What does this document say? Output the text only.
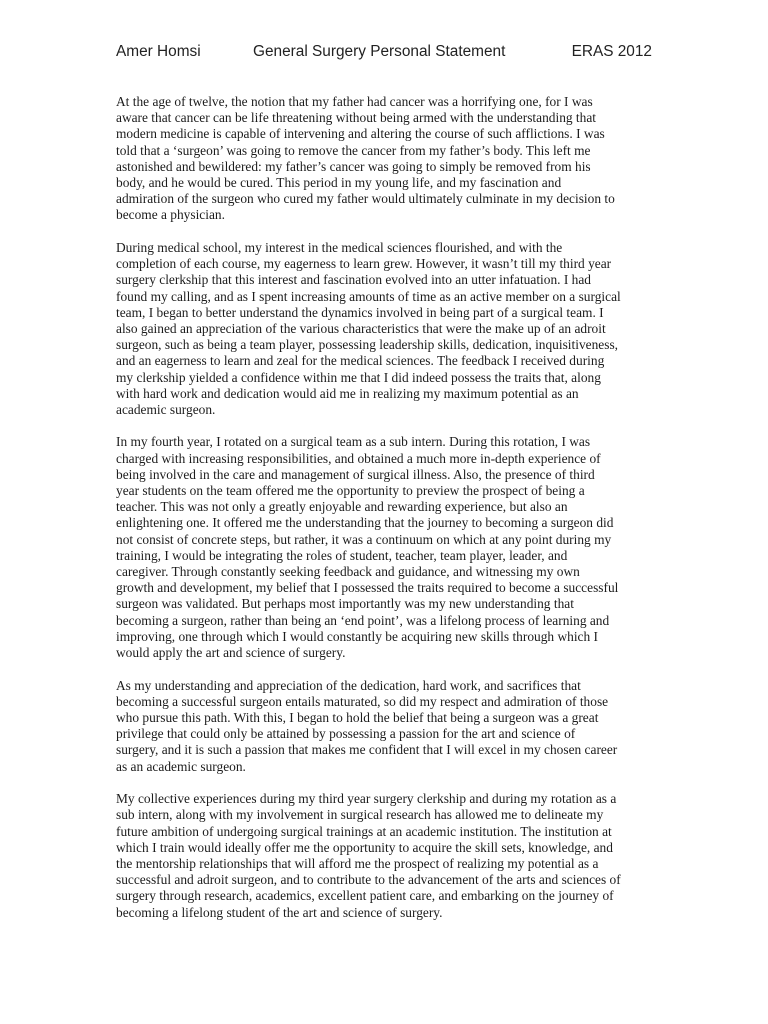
Amer Homsi	General Surgery Personal Statement	ERAS 2012

At the age of twelve, the notion that my father had cancer was a horrifying one, for I was
aware that cancer can be life threatening without being armed with the understanding that
modern medicine is capable of intervening and altering the course of such afflictions. I was
told that a ‘surgeon’ was going to remove the cancer from my father’s body. This left me
astonished and bewildered: my father’s cancer was going to simply be removed from his
body, and he would be cured. This period in my young life, and my fascination and
admiration of the surgeon who cured my father would ultimately culminate in my decision to
become a physician.

During medical school, my interest in the medical sciences flourished, and with the
completion of each course, my eagerness to learn grew. However, it wasn’t till my third year
surgery clerkship that this interest and fascination evolved into an utter infatuation. I had
found my calling, and as I spent increasing amounts of time as an active member on a surgical
team, I began to better understand the dynamics involved in being part of a surgical team. I
also gained an appreciation of the various characteristics that were the make up of an adroit
surgeon, such as being a team player, possessing leadership skills, dedication, inquisitiveness,
and an eagerness to learn and zeal for the medical sciences. The feedback I received during
my clerkship yielded a confidence within me that I did indeed possess the traits that, along
with hard work and dedication would aid me in realizing my maximum potential as an
academic surgeon.

In my fourth year, I rotated on a surgical team as a sub intern. During this rotation, I was
charged with increasing responsibilities, and obtained a much more in-depth experience of
being involved in the care and management of surgical illness. Also, the presence of third
year students on the team offered me the opportunity to preview the prospect of being a
teacher. This was not only a greatly enjoyable and rewarding experience, but also an
enlightening one. It offered me the understanding that the journey to becoming a surgeon did
not consist of concrete steps, but rather, it was a continuum on which at any point during my
training, I would be integrating the roles of student, teacher, team player, leader, and
caregiver. Through constantly seeking feedback and guidance, and witnessing my own
growth and development, my belief that I possessed the traits required to become a successful
surgeon was validated. But perhaps most importantly was my new understanding that
becoming a surgeon, rather than being an ‘end point’, was a lifelong process of learning and
improving, one through which I would constantly be acquiring new skills through which I
would apply the art and science of surgery.

As my understanding and appreciation of the dedication, hard work, and sacrifices that
becoming a successful surgeon entails maturated, so did my respect and admiration of those
who pursue this path. With this, I began to hold the belief that being a surgeon was a great
privilege that could only be attained by possessing a passion for the art and science of
surgery, and it is such a passion that makes me confident that I will excel in my chosen career
as an academic surgeon.

My collective experiences during my third year surgery clerkship and during my rotation as a
sub intern, along with my involvement in surgical research has allowed me to delineate my
future ambition of undergoing surgical trainings at an academic institution. The institution at
which I train would ideally offer me the opportunity to acquire the skill sets, knowledge, and
the mentorship relationships that will afford me the prospect of realizing my potential as a
successful and adroit surgeon, and to contribute to the advancement of the arts and sciences of
surgery through research, academics, excellent patient care, and embarking on the journey of
becoming a lifelong student of the art and science of surgery.
